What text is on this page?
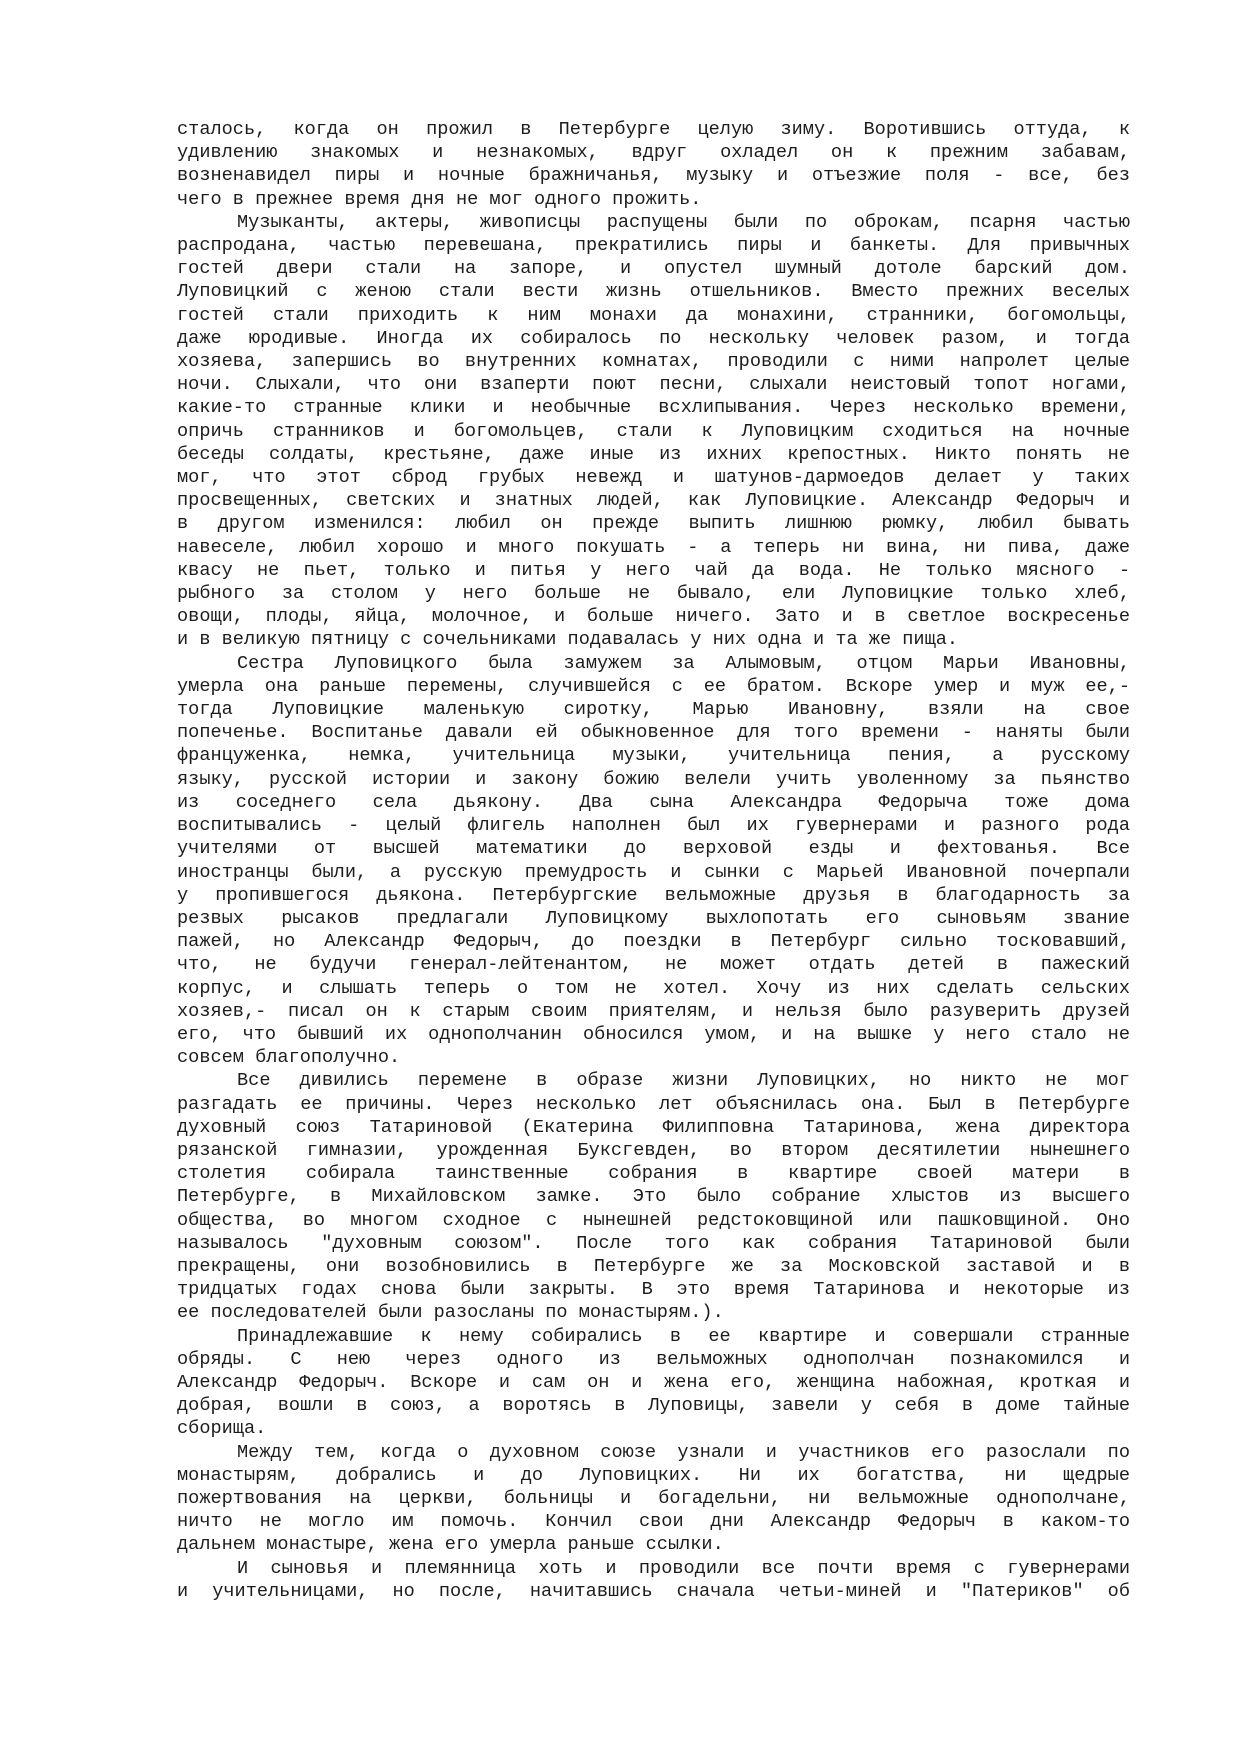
сталось, когда он прожил в Петербурге целую зиму. Воротившись оттуда, к
удивлению знакомых и незнакомых, вдруг охладел он к прежним забавам,
возненавидел пиры и ночные бражничанья, музыку и отъезжие поля - все, без
чего в прежнее время дня не мог одного прожить.
Музыканты, актеры, живописцы распущены были по оброкам, псарня частью
распродана, частью перевешана, прекратились пиры и банкеты. Для привычных
гостей двери стали на запоре, и опустел шумный дотоле барский дом.
Луповицкий с женою стали вести жизнь отшельников. Вместо прежних веселых
гостей стали приходить к ним монахи да монахини, странники, богомольцы,
даже юродивые. Иногда их собиралось по нескольку человек разом, и тогда
хозяева, запершись во внутренних комнатах, проводили с ними напролет целые
ночи. Слыхали, что они взаперти поют песни, слыхали неистовый топот ногами,
какие-то странные клики и необычные всхлипывания. Через несколько времени,
опричь странников и богомольцев, стали к Луповицким сходиться на ночные
беседы солдаты, крестьяне, даже иные из ихних крепостных. Никто понять не
мог, что этот сброд грубых невежд и шатунов-дармоедов делает у таких
просвещенных, светских и знатных людей, как Луповицкие. Александр Федорыч и
в другом изменился: любил он прежде выпить лишнюю рюмку, любил бывать
навеселе, любил хорошо и много покушать - а теперь ни вина, ни пива, даже
квасу не пьет, только и питья у него чай да вода. Не только мясного -
рыбного за столом у него больше не бывало, ели Луповицкие только хлеб,
овощи, плоды, яйца, молочное, и больше ничего. Зато и в светлое воскресенье
и в великую пятницу с сочельниками подавалась у них одна и та же пища.
Сестра Луповицкого была замужем за Алымовым, отцом Марьи Ивановны,
умерла она раньше перемены, случившейся с ее братом. Вскоре умер и муж ее,-
тогда Луповицкие маленькую сиротку, Марью Ивановну, взяли на свое
попеченье. Воспитанье давали ей обыкновенное для того времени - наняты были
француженка, немка, учительница музыки, учительница пения, а русскому
языку, русской истории и закону божию велели учить уволенному за пьянство
из соседнего села дьякону. Два сына Александра Федорыча тоже дома
воспитывались - целый флигель наполнен был их гувернерами и разного рода
учителями от высшей математики до верховой езды и фехтованья. Все
иностранцы были, а русскую премудрость и сынки с Марьей Ивановной почерпали
у пропившегося дьякона. Петербургские вельможные друзья в благодарность за
резвых рысаков предлагали Луповицкому выхлопотать его сыновьям звание
пажей, но Александр Федорыч, до поездки в Петербург сильно тосковавший,
что, не будучи генерал-лейтенантом, не может отдать детей в пажеский
корпус, и слышать теперь о том не хотел. Хочу из них сделать сельских
хозяев,- писал он к старым своим приятелям, и нельзя было разуверить друзей
его, что бывший их однополчанин обносился умом, и на вышке у него стало не
совсем благополучно.
Все дивились перемене в образе жизни Луповицких, но никто не мог
разгадать ее причины. Через несколько лет объяснилась она. Был в Петербурге
духовный союз Татариновой (Екатерина Филипповна Татаринова, жена директора
рязанской гимназии, урожденная Буксгевден, во втором десятилетии нынешнего
столетия собирала таинственные собрания в квартире своей матери в
Петербурге, в Михайловском замке. Это было собрание хлыстов из высшего
общества, во многом сходное с нынешней редстоковщиной или пашковщиной. Оно
называлось "духовным союзом". После того как собрания Татариновой были
прекращены, они возобновились в Петербурге же за Московской заставой и в
тридцатых годах снова были закрыты. В это время Татаринова и некоторые из
ее последователей были разосланы по монастырям.).
Принадлежавшие к нему собирались в ее квартире и совершали странные
обряды. С нею через одного из вельможных однополчан познакомился и
Александр Федорыч. Вскоре и сам он и жена его, женщина набожная, кроткая и
добрая, вошли в союз, а воротясь в Луповицы, завели у себя в доме тайные
сборища.
Между тем, когда о духовном союзе узнали и участников его разослали по
монастырям, добрались и до Луповицких. Ни их богатства, ни щедрые
пожертвования на церкви, больницы и богадельни, ни вельможные однополчане,
ничто не могло им помочь. Кончил свои дни Александр Федорыч в каком-то
дальнем монастыре, жена его умерла раньше ссылки.
И сыновья и племянница хоть и проводили все почти время с гувернерами
и учительницами, но после, начитавшись сначала четьи-миней и "Патериков" об
